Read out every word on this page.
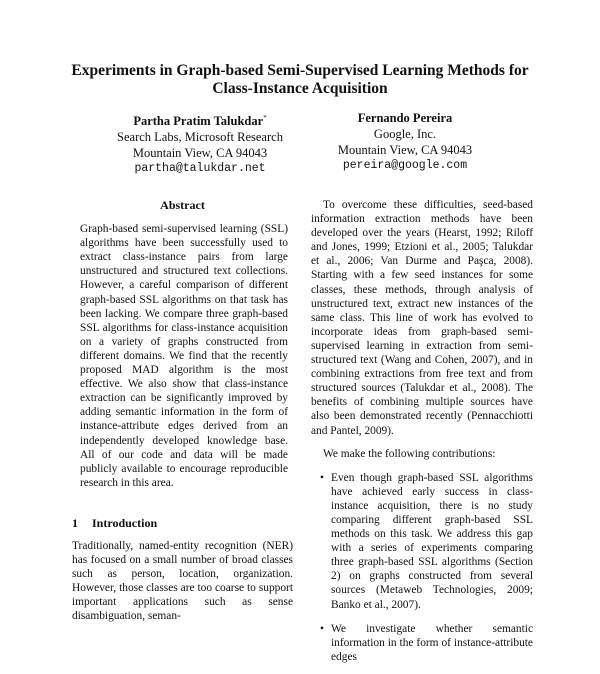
Experiments in Graph-based Semi-Supervised Learning Methods for Class-Instance Acquisition
Partha Pratim Talukdar*
Search Labs, Microsoft Research
Mountain View, CA 94043
partha@talukdar.net
Fernando Pereira
Google, Inc.
Mountain View, CA 94043
pereira@google.com
Abstract

Graph-based semi-supervised learning (SSL) algorithms have been successfully used to extract class-instance pairs from large unstructured and structured text collections. However, a careful comparison of different graph-based SSL algorithms on that task has been lacking. We compare three graph-based SSL algorithms for class-instance acquisition on a variety of graphs constructed from different domains. We find that the recently proposed MAD algorithm is the most effective. We also show that class-instance extraction can be significantly improved by adding semantic information in the form of instance-attribute edges derived from an independently developed knowledge base. All of our code and data will be made publicly available to encourage reproducible research in this area.

1 Introduction

Traditionally, named-entity recognition (NER) has focused on a small number of broad classes such as person, location, organization. However, those classes are too coarse to support important applications such as sense disambiguation, seman-

To overcome these difficulties, seed-based information extraction methods have been developed over the years (Hearst, 1992; Riloff and Jones, 1999; Etzioni et al., 2005; Talukdar et al., 2006; Van Durme and Paşca, 2008). Starting with a few seed instances for some classes, these methods, through analysis of unstructured text, extract new instances of the same class. This line of work has evolved to incorporate ideas from graph-based semi-supervised learning in extraction from semi-structured text (Wang and Cohen, 2007), and in combining extractions from free text and from structured sources (Talukdar et al., 2008). The benefits of combining multiple sources have also been demonstrated recently (Pennacchiotti and Pantel, 2009).

We make the following contributions:

• Even though graph-based SSL algorithms have achieved early success in class-instance acquisition, there is no study comparing different graph-based SSL methods on this task. We address this gap with a series of experiments comparing three graph-based SSL algorithms (Section 2) on graphs constructed from several sources (Metaweb Technologies, 2009; Banko et al., 2007).
• We investigate whether semantic information in the form of instance-attribute edges
